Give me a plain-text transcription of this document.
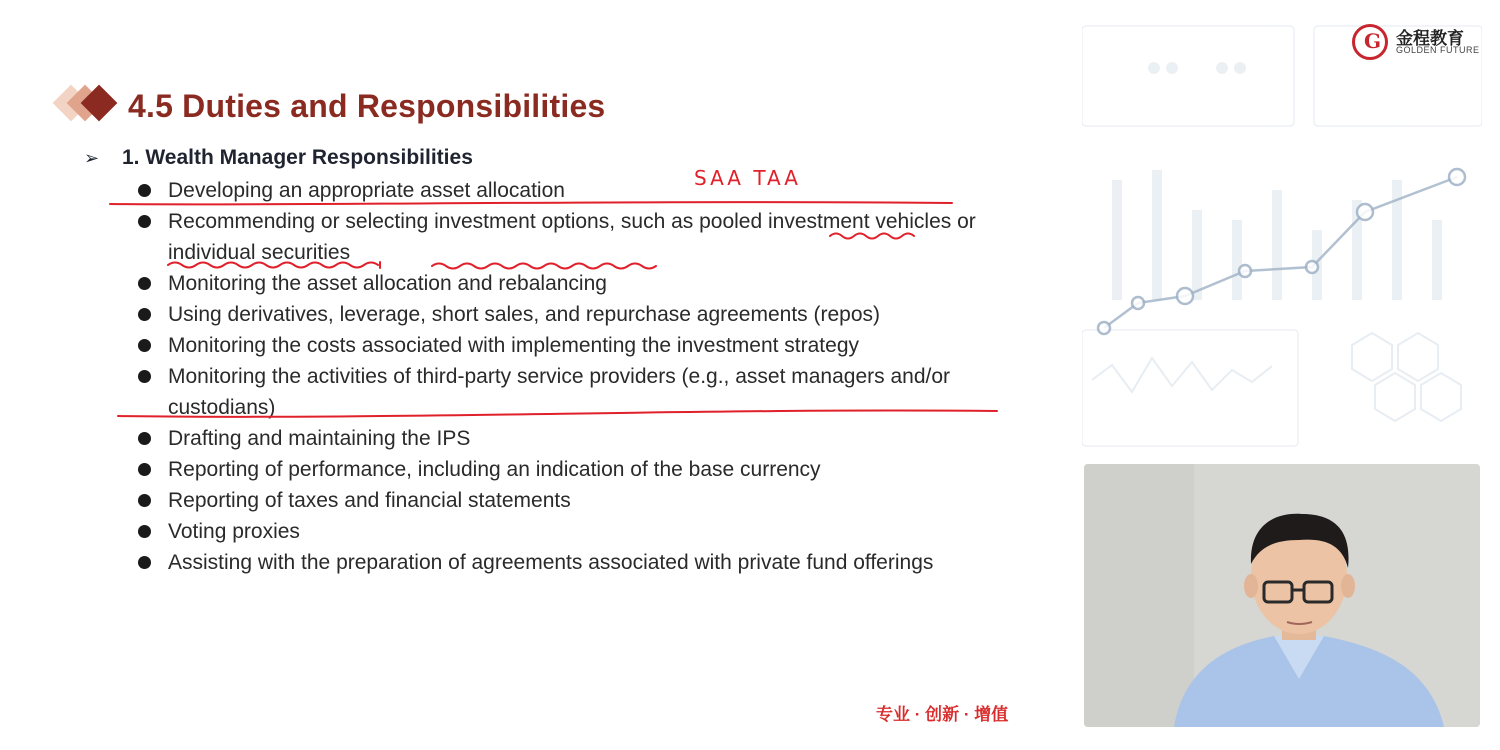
G 金程教育
GOLDEN FUTURE
4.5 Duties and Responsibilities
➢ 1. Wealth Manager Responsibilities
Developing an appropriate asset allocation
Recommending or selecting investment options, such as pooled investment vehicles or individual securities
Monitoring the asset allocation and rebalancing
Using derivatives, leverage, short sales, and repurchase agreements (repos)
Monitoring the costs associated with implementing the investment strategy
Monitoring the activities of third-party service providers (e.g., asset managers and/or custodians)
Drafting and maintaining the IPS
Reporting of performance, including an indication of the base currency
Reporting of taxes and financial statements
Voting proxies
Assisting with the preparation of agreements associated with private fund offerings
SAA TAA
专业 · 创新 · 增值
